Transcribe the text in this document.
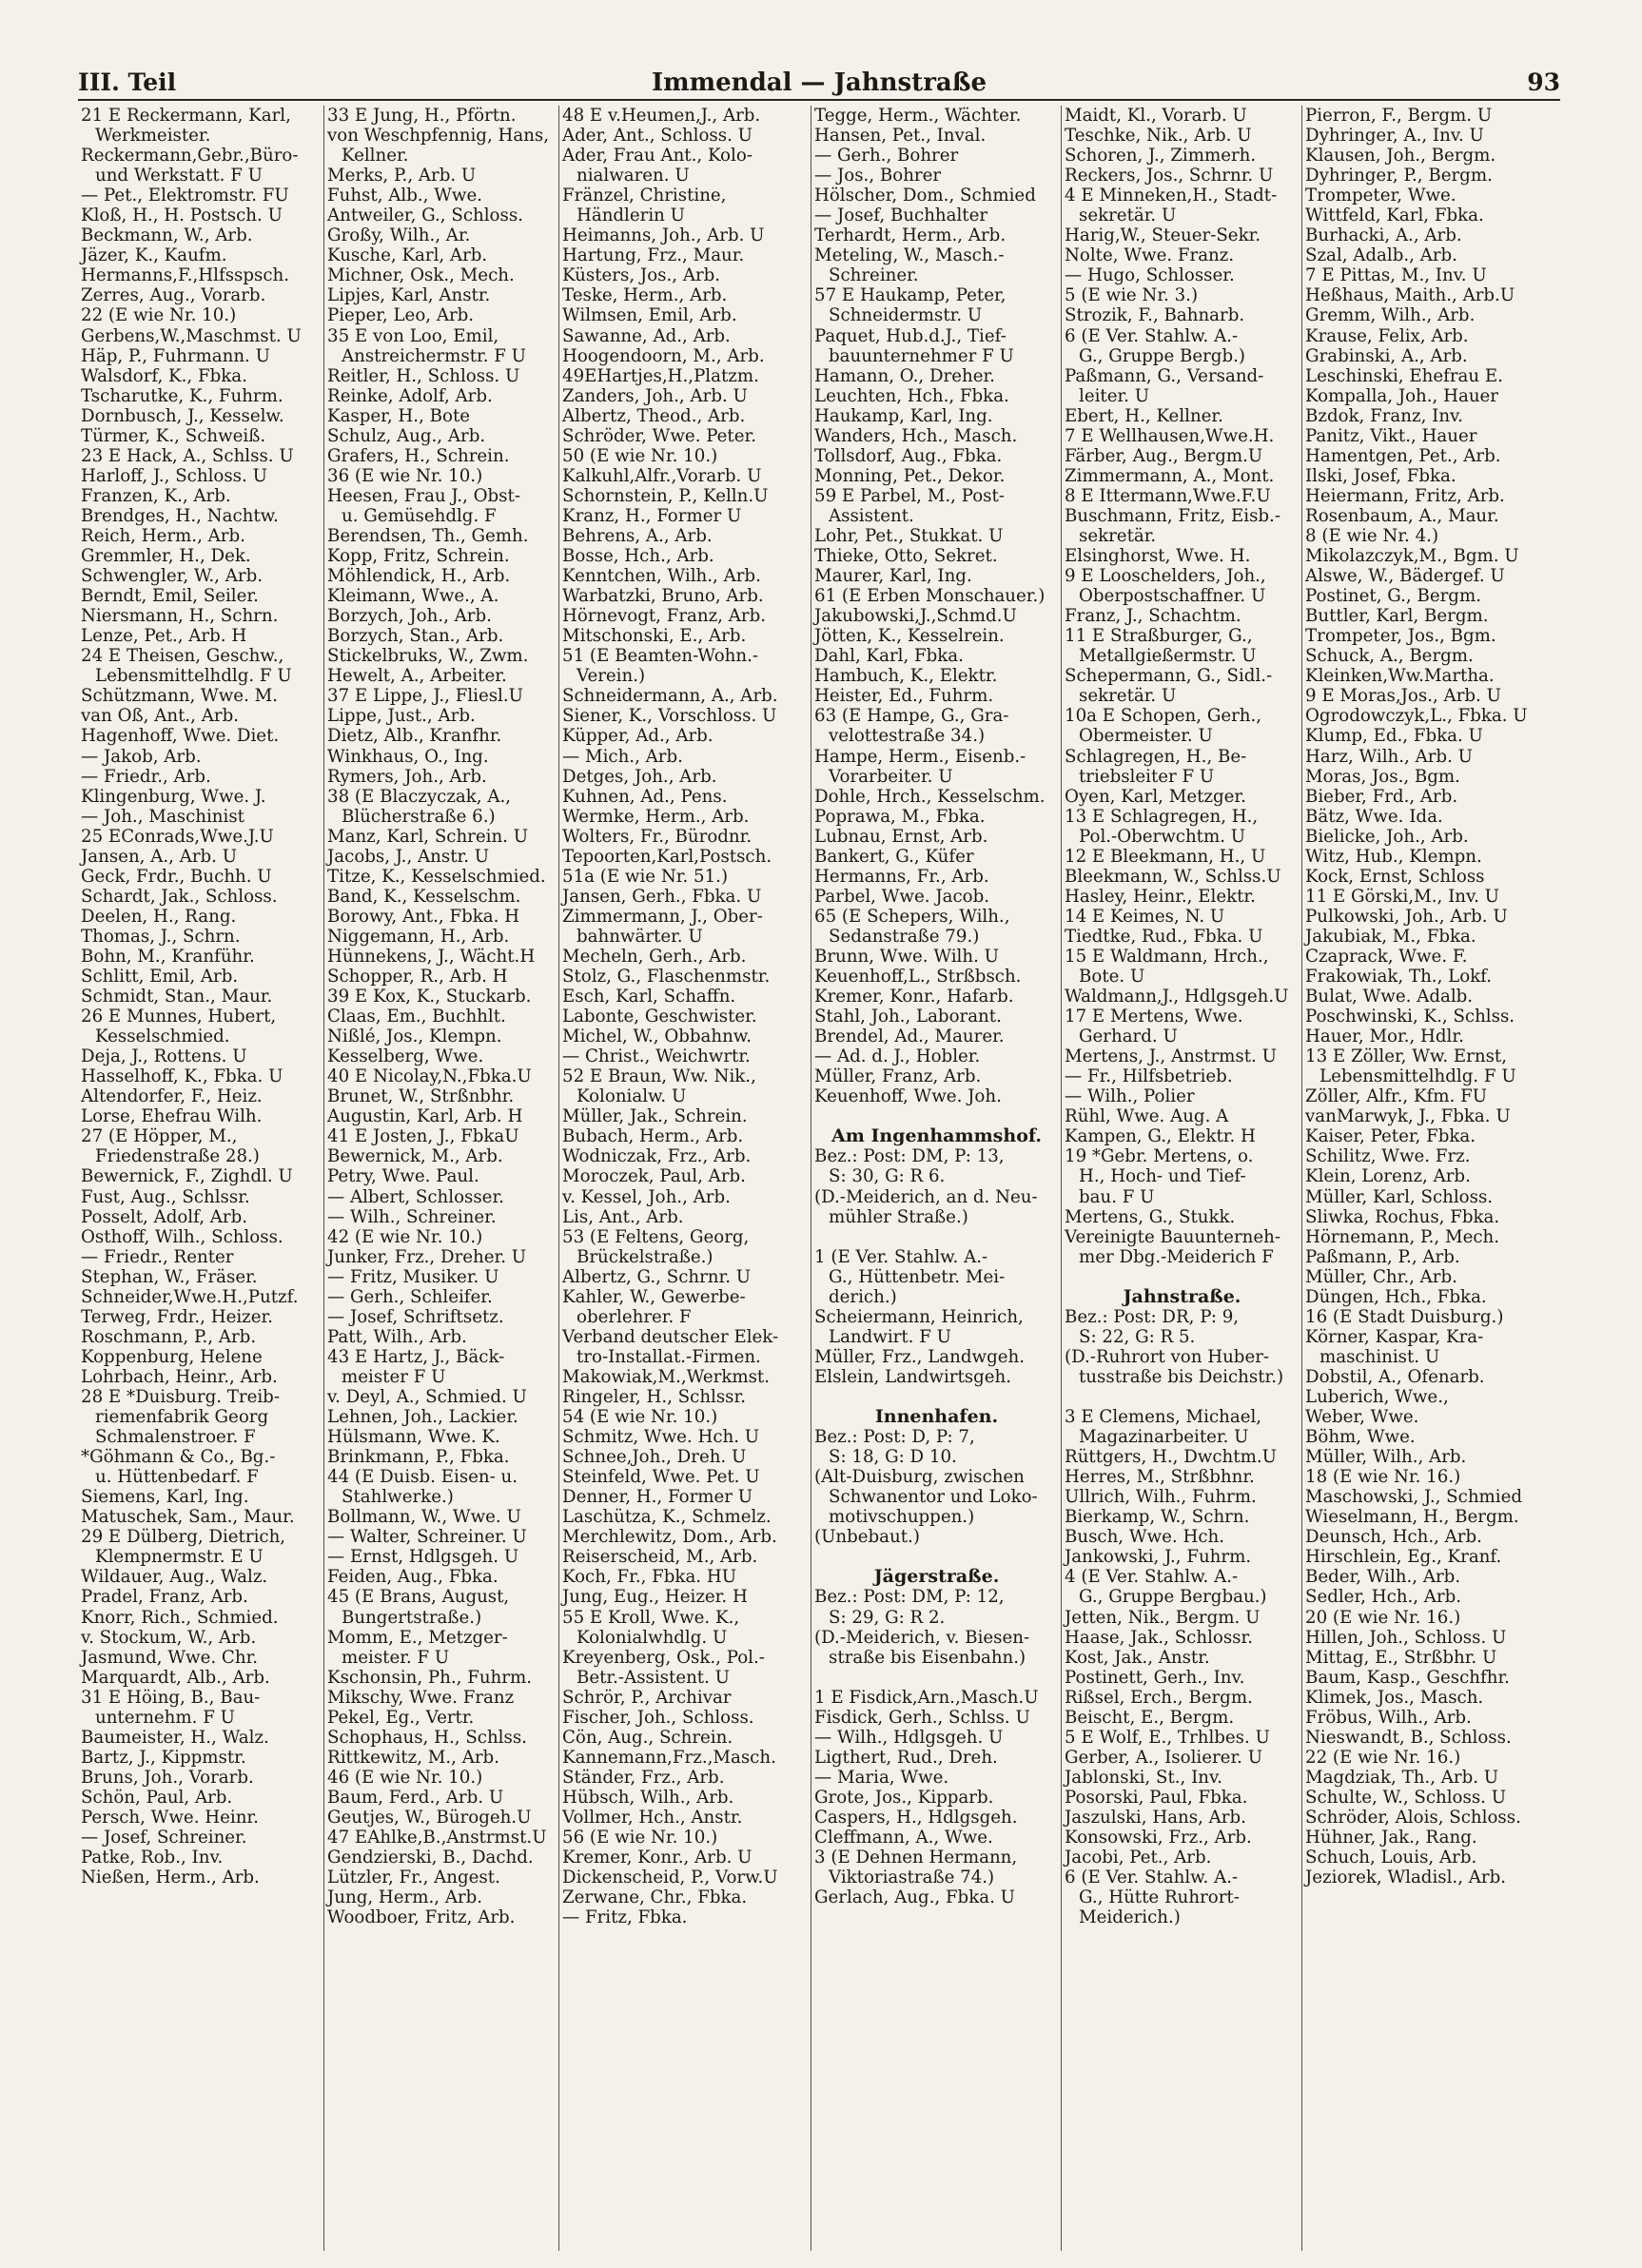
III. Teil	Immendal — Jahnstraße	93
21 E Reckermann, Karl,
Werkmeister.
Reckermann,Gebr.,Büro-
und Werkstatt. F U
— Pet., Elektromstr. FU
Kloß, H., H. Postsch. U
Beckmann, W., Arb.
Jäzer, K., Kaufm.
Hermanns,F.,Hlfsspsch.
Zerres, Aug., Vorarb.
22 (E wie Nr. 10.)
Gerbens,W.,Maschmst. U
Häp, P., Fuhrmann. U
Walsdorf, K., Fbka.
Tscharutke, K., Fuhrm.
Dornbusch, J., Kesselw.
Türmer, K., Schweiß.
23 E Hack, A., Schlss. U
Harloff, J., Schloss. U
Franzen, K., Arb.
Brendges, H., Nachtw.
Reich, Herm., Arb.
Gremmler, H., Dek.
Schwengler, W., Arb.
Berndt, Emil, Seiler.
Niersmann, H., Schrn.
Lenze, Pet., Arb. H
24 E Theisen, Geschw.,
Lebensmittelhdlg. F U
Schützmann, Wwe. M.
van Oß, Ant., Arb.
Hagenhoff, Wwe. Diet.
— Jakob, Arb.
— Friedr., Arb.
Klingenburg, Wwe. J.
— Joh., Maschinist
25 EConrads,Wwe.J.U
Jansen, A., Arb. U
Geck, Frdr., Buchh. U
Schardt, Jak., Schloss.
Deelen, H., Rang.
Thomas, J., Schrn.
Bohn, M., Kranführ.
Schlitt, Emil, Arb.
Schmidt, Stan., Maur.
26 E Munnes, Hubert,
Kesselschmied.
Deja, J., Rottens. U
Hasselhoff, K., Fbka. U
Altendorfer, F., Heiz.
Lorse, Ehefrau Wilh.
27 (E Höpper, M.,
Friedenstraße 28.)
Bewernick, F., Zighdl. U
Fust, Aug., Schlssr.
Posselt, Adolf, Arb.
Osthoff, Wilh., Schloss.
— Friedr., Renter
Stephan, W., Fräser.
Schneider,Wwe.H.,Putzf.
Terweg, Frdr., Heizer.
Roschmann, P., Arb.
Koppenburg, Helene
Lohrbach, Heinr., Arb.
28 E *Duisburg. Treib-
riemenfabrik Georg
Schmalenstroer. F
*Göhmann & Co., Bg.-
u. Hüttenbedarf. F
Siemens, Karl, Ing.
Matuschek, Sam., Maur.
29 E Dülberg, Dietrich,
Klempnermstr. E U
Wildauer, Aug., Walz.
Pradel, Franz, Arb.
Knorr, Rich., Schmied.
v. Stockum, W., Arb.
Jasmund, Wwe. Chr.
Marquardt, Alb., Arb.
31 E Höing, B., Bau-
unternehm. F U
Baumeister, H., Walz.
Bartz, J., Kippmstr.
Bruns, Joh., Vorarb.
Schön, Paul, Arb.
Persch, Wwe. Heinr.
— Josef, Schreiner.
Patke, Rob., Inv.
Nießen, Herm., Arb.
33 E Jung, H., Pförtn.
von Weschpfennig, Hans,
Kellner.
Merks, P., Arb. U
Fuhst, Alb., Wwe.
Antweiler, G., Schloss.
Großy, Wilh., Ar.
Kusche, Karl, Arb.
Michner, Osk., Mech.
Lipjes, Karl, Anstr.
Pieper, Leo, Arb.
35 E von Loo, Emil,
Anstreichermstr. F U
Reitler, H., Schloss. U
Reinke, Adolf, Arb.
Kasper, H., Bote
Schulz, Aug., Arb.
Grafers, H., Schrein.
36 (E wie Nr. 10.)
Heesen, Frau J., Obst-
u. Gemüsehdlg. F
Berendsen, Th., Gemh.
Kopp, Fritz, Schrein.
Möhlendick, H., Arb.
Kleimann, Wwe., A.
Borzych, Joh., Arb.
Borzych, Stan., Arb.
Stickelbruks, W., Zwm.
Hewelt, A., Arbeiter.
37 E Lippe, J., Fliesl.U
Lippe, Just., Arb.
Dietz, Alb., Kranfhr.
Winkhaus, O., Ing.
Rymers, Joh., Arb.
38 (E Blaczyczak, A.,
Blücherstraße 6.)
Manz, Karl, Schrein. U
Jacobs, J., Anstr. U
Titze, K., Kesselschmied.
Band, K., Kesselschm.
Borowy, Ant., Fbka. H
Niggemann, H., Arb.
Hünnekens, J., Wächt.H
Schopper, R., Arb. H
39 E Kox, K., Stuckarb.
Claas, Em., Buchhlt.
Nißlé, Jos., Klempn.
Kesselberg, Wwe.
40 E Nicolay,N.,Fbka.U
Brunet, W., Strßnbhr.
Augustin, Karl, Arb. H
41 E Josten, J., FbkaU
Bewernick, M., Arb.
Petry, Wwe. Paul.
— Albert, Schlosser.
— Wilh., Schreiner.
42 (E wie Nr. 10.)
Junker, Frz., Dreher. U
— Fritz, Musiker. U
— Gerh., Schleifer.
— Josef, Schriftsetz.
Patt, Wilh., Arb.
43 E Hartz, J., Bäck-
meister F U
v. Deyl, A., Schmied. U
Lehnen, Joh., Lackier.
Hülsmann, Wwe. K.
Brinkmann, P., Fbka.
44 (E Duisb. Eisen- u.
Stahlwerke.)
Bollmann, W., Wwe. U
— Walter, Schreiner. U
— Ernst, Hdlgsgeh. U
Feiden, Aug., Fbka.
45 (E Brans, August,
Bungertstraße.)
Momm, E., Metzger-
meister. F U
Kschonsin, Ph., Fuhrm.
Mikschy, Wwe. Franz
Pekel, Eg., Vertr.
Schophaus, H., Schlss.
Rittkewitz, M., Arb.
46 (E wie Nr. 10.)
Baum, Ferd., Arb. U
Geutjes, W., Bürogeh.U
47 EAhlke,B.,Anstrmst.U
Gendzierski, B., Dachd.
Lützler, Fr., Angest.
Jung, Herm., Arb.
Woodboer, Fritz, Arb.
48 E v.Heumen,J., Arb.
Ader, Ant., Schloss. U
Ader, Frau Ant., Kolo-
nialwaren. U
Fränzel, Christine,
Händlerin U
Heimanns, Joh., Arb. U
Hartung, Frz., Maur.
Küsters, Jos., Arb.
Teske, Herm., Arb.
Wilmsen, Emil, Arb.
Sawanne, Ad., Arb.
Hoogendoorn, M., Arb.
49EHartjes,H.,Platzm.
Zanders, Joh., Arb. U
Albertz, Theod., Arb.
Schröder, Wwe. Peter.
50 (E wie Nr. 10.)
Kalkuhl,Alfr.,Vorarb. U
Schornstein, P., Kelln.U
Kranz, H., Former U
Behrens, A., Arb.
Bosse, Hch., Arb.
Kenntchen, Wilh., Arb.
Warbatzki, Bruno, Arb.
Hörnevogt, Franz, Arb.
Mitschonski, E., Arb.
51 (E Beamten-Wohn.-
Verein.)
Schneidermann, A., Arb.
Siener, K., Vorschloss. U
Küpper, Ad., Arb.
— Mich., Arb.
Detges, Joh., Arb.
Kuhnen, Ad., Pens.
Wermke, Herm., Arb.
Wolters, Fr., Bürodnr.
Tepoorten,Karl,Postsch.
51a (E wie Nr. 51.)
Jansen, Gerh., Fbka. U
Zimmermann, J., Ober-
bahnwärter. U
Mecheln, Gerh., Arb.
Stolz, G., Flaschenmstr.
Esch, Karl, Schaffn.
Labonte, Geschwister.
Michel, W., Obbahnw.
— Christ., Weichwrtr.
52 E Braun, Ww. Nik.,
Kolonialw. U
Müller, Jak., Schrein.
Bubach, Herm., Arb.
Wodniczak, Frz., Arb.
Moroczek, Paul, Arb.
v. Kessel, Joh., Arb.
Lis, Ant., Arb.
53 (E Feltens, Georg,
Brückelstraße.)
Albertz, G., Schrnr. U
Kahler, W., Gewerbe-
oberlehrer. F
Verband deutscher Elek-
tro-Installat.-Firmen.
Makowiak,M.,Werkmst.
Ringeler, H., Schlssr.
54 (E wie Nr. 10.)
Schmitz, Wwe. Hch. U
Schnee,Joh., Dreh. U
Steinfeld, Wwe. Pet. U
Denner, H., Former U
Laschütza, K., Schmelz.
Merchlewitz, Dom., Arb.
Reiserscheid, M., Arb.
Koch, Fr., Fbka. HU
Jung, Eug., Heizer. H
55 E Kroll, Wwe. K.,
Kolonialwhdlg. U
Kreyenberg, Osk., Pol.-
Betr.-Assistent. U
Schrör, P., Archivar
Fischer, Joh., Schloss.
Cön, Aug., Schrein.
Kannemann,Frz.,Masch.
Ständer, Frz., Arb.
Hübsch, Wilh., Arb.
Vollmer, Hch., Anstr.
56 (E wie Nr. 10.)
Kremer, Konr., Arb. U
Dickenscheid, P., Vorw.U
Zerwane, Chr., Fbka.
— Fritz, Fbka.
Tegge, Herm., Wächter.
Hansen, Pet., Inval.
— Gerh., Bohrer
— Jos., Bohrer
Hölscher, Dom., Schmied
— Josef, Buchhalter
Terhardt, Herm., Arb.
Meteling, W., Masch.-
Schreiner.
57 E Haukamp, Peter,
Schneidermstr. U
Paquet, Hub.d.J., Tief-
bauunternehmer F U
Hamann, O., Dreher.
Leuchten, Hch., Fbka.
Haukamp, Karl, Ing.
Wanders, Hch., Masch.
Tollsdorf, Aug., Fbka.
Monning, Pet., Dekor.
59 E Parbel, M., Post-
Assistent.
Lohr, Pet., Stukkat. U
Thieke, Otto, Sekret.
Maurer, Karl, Ing.
61 (E Erben Monschauer.)
Jakubowski,J.,Schmd.U
Jötten, K., Kesselrein.
Dahl, Karl, Fbka.
Hambuch, K., Elektr.
Heister, Ed., Fuhrm.
63 (E Hampe, G., Gra-
velottestraße 34.)
Hampe, Herm., Eisenb.-
Vorarbeiter. U
Dohle, Hrch., Kesselschm.
Poprawa, M., Fbka.
Lubnau, Ernst, Arb.
Bankert, G., Küfer
Hermanns, Fr., Arb.
Parbel, Wwe. Jacob.
65 (E Schepers, Wilh.,
Sedanstraße 79.)
Brunn, Wwe. Wilh. U
Keuenhoff,L., Strßbsch.
Kremer, Konr., Hafarb.
Stahl, Joh., Laborant.
Brendel, Ad., Maurer.
— Ad. d. J., Hobler.
Müller, Franz, Arb.
Keuenhoff, Wwe. Joh.
Am Ingenhammshof.
Bez.: Post: DM, P: 13,
S: 30, G: R 6.
(D.-Meiderich, an d. Neu-
mühler Straße.)
1 (E Ver. Stahlw. A.-
G., Hüttenbetr. Mei-
derich.)
Scheiermann, Heinrich,
Landwirt. F U
Müller, Frz., Landwgeh.
Elslein, Landwirtsgeh.
Innenhafen.
Bez.: Post: D, P: 7,
S: 18, G: D 10.
(Alt-Duisburg, zwischen
Schwanentor und Loko-
motivschuppen.)
(Unbebaut.)
Jägerstraße.
Bez.: Post: DM, P: 12,
S: 29, G: R 2.
(D.-Meiderich, v. Biesen-
straße bis Eisenbahn.)
1 E Fisdick,Arn.,Masch.U
Fisdick, Gerh., Schlss. U
— Wilh., Hdlgsgeh. U
Ligthert, Rud., Dreh.
— Maria, Wwe.
Grote, Jos., Kipparb.
Caspers, H., Hdlgsgeh.
Cleffmann, A., Wwe.
3 (E Dehnen Hermann,
Viktoriastraße 74.)
Gerlach, Aug., Fbka. U
Maidt, Kl., Vorarb. U
Teschke, Nik., Arb. U
Schoren, J., Zimmerh.
Reckers, Jos., Schrnr. U
4 E Minneken,H., Stadt-
sekretär. U
Harig,W., Steuer-Sekr.
Nolte, Wwe. Franz.
— Hugo, Schlosser.
5 (E wie Nr. 3.)
Strozik, F., Bahnarb.
6 (E Ver. Stahlw. A.-
G., Gruppe Bergb.)
Paßmann, G., Versand-
leiter. U
Ebert, H., Kellner.
7 E Wellhausen,Wwe.H.
Färber, Aug., Bergm.U
Zimmermann, A., Mont.
8 E Ittermann,Wwe.F.U
Buschmann, Fritz, Eisb.-
sekretär.
Elsinghorst, Wwe. H.
9 E Looschelders, Joh.,
Oberpostschaffner. U
Franz, J., Schachtm.
11 E Straßburger, G.,
Metallgießermstr. U
Schepermann, G., Sidl.-
sekretär. U
10a E Schopen, Gerh.,
Obermeister. U
Schlagregen, H., Be-
triebsleiter F U
Oyen, Karl, Metzger.
13 E Schlagregen, H.,
Pol.-Oberwchtm. U
12 E Bleekmann, H., U
Bleekmann, W., Schlss.U
Hasley, Heinr., Elektr.
14 E Keimes, N. U
Tiedtke, Rud., Fbka. U
15 E Waldmann, Hrch.,
Bote. U
Waldmann,J., Hdlgsgeh.U
17 E Mertens, Wwe.
Gerhard. U
Mertens, J., Anstrmst. U
— Fr., Hilfsbetrieb.
— Wilh., Polier
Rühl, Wwe. Aug. A
Kampen, G., Elektr. H
19 *Gebr. Mertens, o.
H., Hoch- und Tief-
bau. F U
Mertens, G., Stukk.
Vereinigte Bauunterneh-
mer Dbg.-Meiderich F
Jahnstraße.
Bez.: Post: DR, P: 9,
S: 22, G: R 5.
(D.-Ruhrort von Huber-
tusstraße bis Deichstr.)
3 E Clemens, Michael,
Magazinarbeiter. U
Rüttgers, H., Dwchtm.U
Herres, M., Strßbhnr.
Ullrich, Wilh., Fuhrm.
Bierkamp, W., Schrn.
Busch, Wwe. Hch.
Jankowski, J., Fuhrm.
4 (E Ver. Stahlw. A.-
G., Gruppe Bergbau.)
Jetten, Nik., Bergm. U
Haase, Jak., Schlossr.
Kost, Jak., Anstr.
Postinett, Gerh., Inv.
Rißsel, Erch., Bergm.
Beischt, E., Bergm.
5 E Wolf, E., Trhlbes. U
Gerber, A., Isolierer. U
Jablonski, St., Inv.
Posorski, Paul, Fbka.
Jaszulski, Hans, Arb.
Konsowski, Frz., Arb.
Jacobi, Pet., Arb.
6 (E Ver. Stahlw. A.-
G., Hütte Ruhrort-
Meiderich.)
Pierron, F., Bergm. U
Dyhringer, A., Inv. U
Klausen, Joh., Bergm.
Dyhringer, P., Bergm.
Trompeter, Wwe.
Wittfeld, Karl, Fbka.
Burhacki, A., Arb.
Szal, Adalb., Arb.
7 E Pittas, M., Inv. U
Heßhaus, Maith., Arb.U
Gremm, Wilh., Arb.
Krause, Felix, Arb.
Grabinski, A., Arb.
Leschinski, Ehefrau E.
Kompalla, Joh., Hauer
Bzdok, Franz, Inv.
Panitz, Vikt., Hauer
Hamentgen, Pet., Arb.
Ilski, Josef, Fbka.
Heiermann, Fritz, Arb.
Rosenbaum, A., Maur.
8 (E wie Nr. 4.)
Mikolazczyk,M., Bgm. U
Alswe, W., Bädergef. U
Postinet, G., Bergm.
Buttler, Karl, Bergm.
Trompeter, Jos., Bgm.
Schuck, A., Bergm.
Kleinken,Ww.Martha.
9 E Moras,Jos., Arb. U
Ogrodowczyk,L., Fbka. U
Klump, Ed., Fbka. U
Harz, Wilh., Arb. U
Moras, Jos., Bgm.
Bieber, Frd., Arb.
Bätz, Wwe. Ida.
Bielicke, Joh., Arb.
Witz, Hub., Klempn.
Kock, Ernst, Schloss
11 E Görski,M., Inv. U
Pulkowski, Joh., Arb. U
Jakubiak, M., Fbka.
Czaprack, Wwe. F.
Frakowiak, Th., Lokf.
Bulat, Wwe. Adalb.
Poschwinski, K., Schlss.
Hauer, Mor., Hdlr.
13 E Zöller, Ww. Ernst,
Lebensmittelhdlg. F U
Zöller, Alfr., Kfm. FU
vanMarwyk, J., Fbka. U
Kaiser, Peter, Fbka.
Schilitz, Wwe. Frz.
Klein, Lorenz, Arb.
Müller, Karl, Schloss.
Sliwka, Rochus, Fbka.
Hörnemann, P., Mech.
Paßmann, P., Arb.
Müller, Chr., Arb.
Düngen, Hch., Fbka.
16 (E Stadt Duisburg.)
Körner, Kaspar, Kra-
maschinist. U
Dobstil, A., Ofenarb.
Luberich, Wwe.,
Weber, Wwe.
Böhm, Wwe.
Müller, Wilh., Arb.
18 (E wie Nr. 16.)
Maschowski, J., Schmied
Wieselmann, H., Bergm.
Deunsch, Hch., Arb.
Hirschlein, Eg., Kranf.
Beder, Wilh., Arb.
Sedler, Hch., Arb.
20 (E wie Nr. 16.)
Hillen, Joh., Schloss. U
Mittag, E., Strßbhr. U
Baum, Kasp., Geschfhr.
Klimek, Jos., Masch.
Fröbus, Wilh., Arb.
Nieswandt, B., Schloss.
22 (E wie Nr. 16.)
Magdziak, Th., Arb. U
Schulte, W., Schloss. U
Schröder, Alois, Schloss.
Hühner, Jak., Rang.
Schuch, Louis, Arb.
Jeziorek, Wladisl., Arb.
